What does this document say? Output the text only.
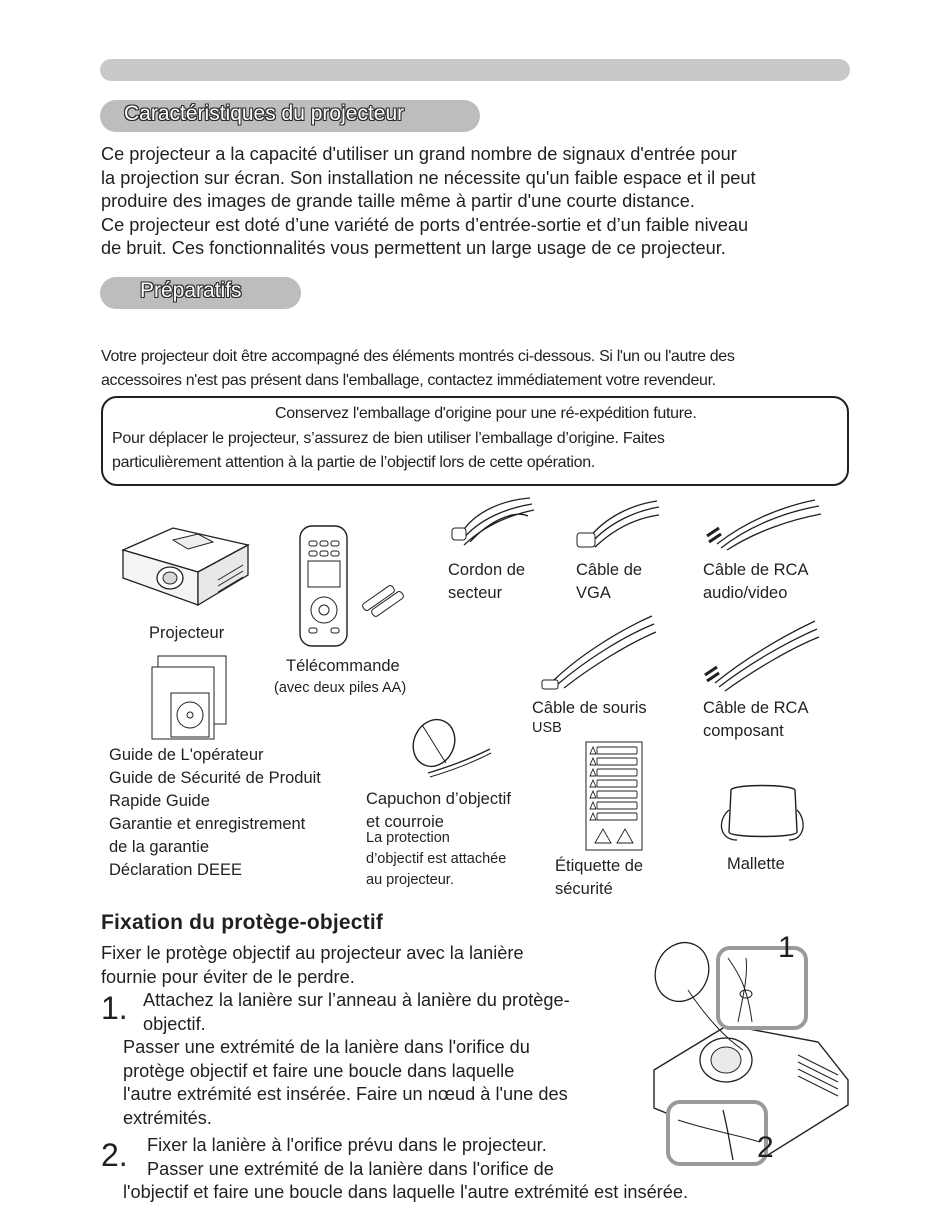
Caractéristiques du projecteur
Ce projecteur a la capacité d'utiliser un grand nombre de signaux d'entrée pour
la projection sur écran. Son installation ne nécessite qu'un faible espace et il peut
produire des images de grande taille même à partir d'une courte distance.
Ce projecteur est doté d’une variété de ports d’entrée-sortie et d’un faible niveau
de bruit. Ces fonctionnalités vous permettent un large usage de ce projecteur.
Préparatifs
Votre projecteur doit être accompagné des éléments montrés ci-dessous. Si l'un ou l'autre des
accessoires n'est pas présent dans l'emballage, contactez immédiatement votre revendeur.
Conservez l'emballage d'origine pour une ré-expédition future.
Pour déplacer le projecteur, s’assurez de bien utiliser l’emballage d’origine. Faites
particulièrement attention à la partie de l’objectif lors de cette opération.
Projecteur
Télécommande
(avec deux piles AA)
Cordon de
secteur
Câble de
VGA
Câble de RCA
audio/video
Câble de souris
USB
Câble de RCA
composant
Guide de L'opérateur
Guide de Sécurité de Produit
Rapide Guide
Garantie et enregistrement
de la garantie
Déclaration DEEE
Capuchon d’objectif
et courroie
La protection
d’objectif est attachée
au projecteur.
Étiquette de
sécurité
Mallette
Fixation du protège-objectif
Fixer le protège objectif au projecteur avec la lanière
fournie pour éviter de le perdre.
1. Attachez la lanière sur l’anneau à lanière du protège-
objectif.
Passer une extrémité de la lanière dans l'orifice du
protège objectif et faire une boucle dans laquelle
l'autre extrémité est insérée. Faire un nœud à l'une des
extrémités.
2. Fixer la lanière à l'orifice prévu dans le projecteur.
Passer une extrémité de la lanière dans l'orifice de
l'objectif et faire une boucle dans laquelle l'autre extrémité est insérée.
1
2
